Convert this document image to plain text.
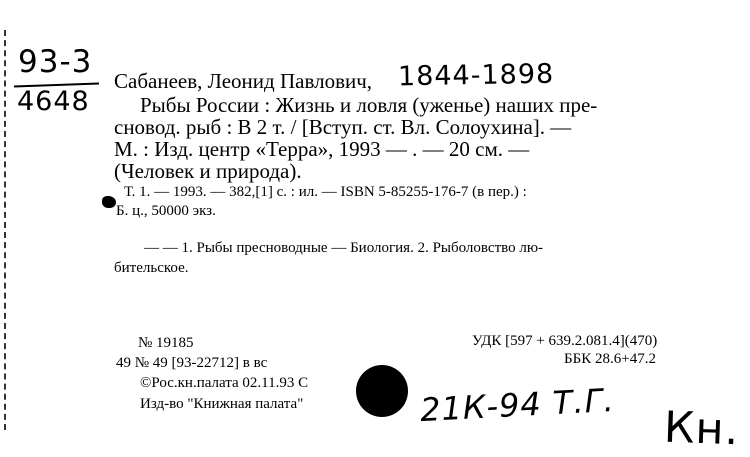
93-3
4648
Сабанеев, Леонид Павлович, 1844-1898
Рыбы России : Жизнь и ловля (уженье) наших пре-
сновод. рыб : В 2 т. / [Вступ. ст. Вл. Солоухина]. —
М. : Изд. центр «Терра», 1993 — . — 20 см. —
(Человек и природа).
Т. 1. — 1993. — 382,[1] с. : ил. — ISBN 5-85255-176-7 (в пер.) :
Б. ц., 50000 экз.
— — 1. Рыбы пресноводные — Биология. 2. Рыболовство лю-
бительское.
№ 19185
49 № 49 [93-22712] в вс
©Рос.кн.палата 02.11.93 С
Изд-во "Книжная палата"
УДК [597 + 639.2.081.4](470)
ББК 28.6+47.2
21К-94 Т.Г. Кн.
